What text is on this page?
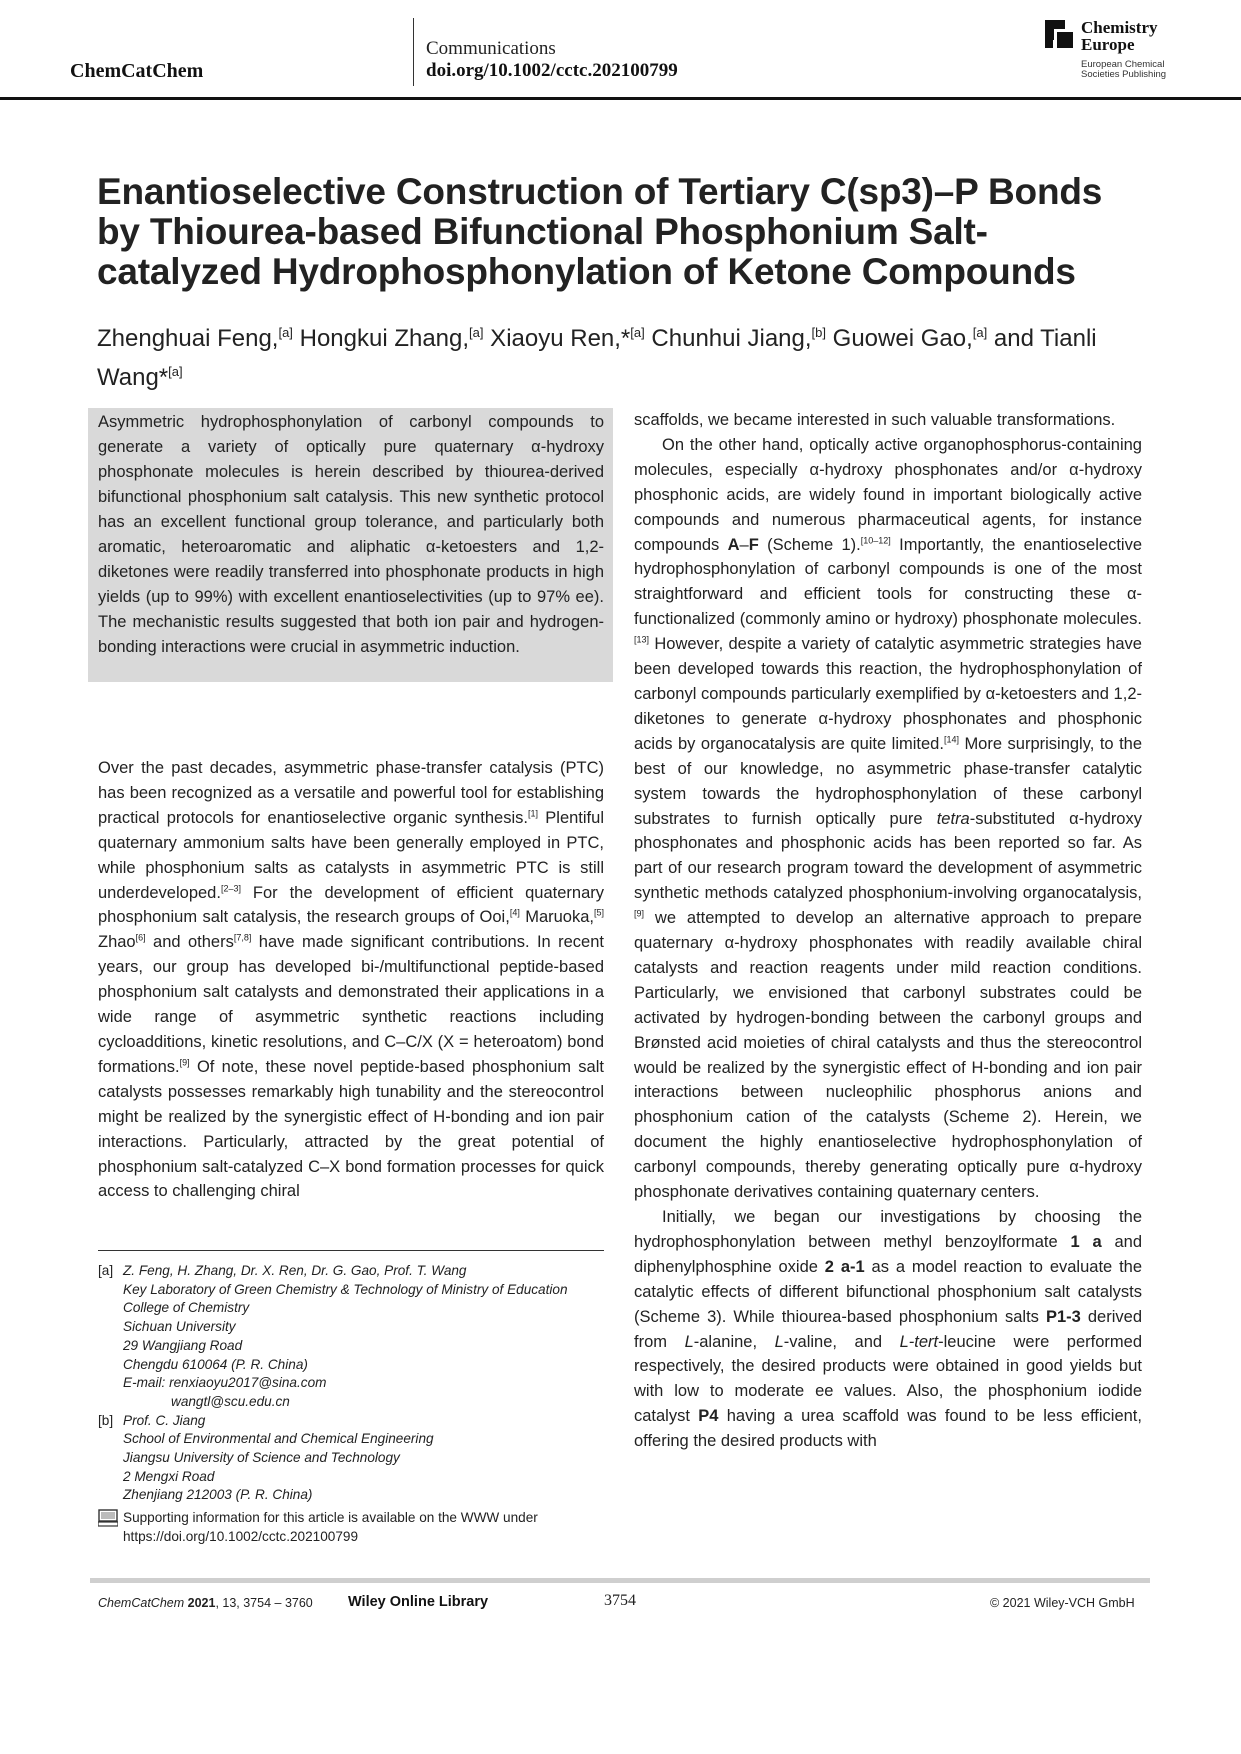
ChemCatChem
Communications
doi.org/10.1002/cctc.202100799
Chemistry
Europe
European Chemical
Societies Publishing
Enantioselective Construction of Tertiary C(sp3)–P Bonds
by Thiourea-based Bifunctional Phosphonium Salt-
catalyzed Hydrophosphonylation of Ketone Compounds
Zhenghuai Feng,[a] Hongkui Zhang,[a] Xiaoyu Ren,*[a] Chunhui Jiang,[b] Guowei Gao,[a] and Tianli Wang*[a]
Asymmetric hydrophosphonylation of carbonyl compounds to generate a variety of optically pure quaternary α-hydroxy phosphonate molecules is herein described by thiourea-derived bifunctional phosphonium salt catalysis. This new synthetic protocol has an excellent functional group tolerance, and particularly both aromatic, heteroaromatic and aliphatic α-ketoesters and 1,2-diketones were readily transferred into phosphonate products in high yields (up to 99%) with excellent enantioselectivities (up to 97% ee). The mechanistic results suggested that both ion pair and hydrogen-bonding interactions were crucial in asymmetric induction.

Over the past decades, asymmetric phase-transfer catalysis (PTC) has been recognized as a versatile and powerful tool for establishing practical protocols for enantioselective organic synthesis.[1] Plentiful quaternary ammonium salts have been generally employed in PTC, while phosphonium salts as catalysts in asymmetric PTC is still underdeveloped.[2–3] For the development of efficient quaternary phosphonium salt catalysis, the research groups of Ooi,[4] Maruoka,[5] Zhao[6] and others[7,8] have made significant contributions. In recent years, our group has developed bi-/multifunctional peptide-based phosphonium salt catalysts and demonstrated their applications in a wide range of asymmetric synthetic reactions including cycloadditions, kinetic resolutions, and C–C/X (X = heteroatom) bond formations.[9] Of note, these novel peptide-based phosphonium salt catalysts possesses remarkably high tunability and the stereocontrol might be realized by the synergistic effect of H-bonding and ion pair interactions. Particularly, attracted by the great potential of phosphonium salt-catalyzed C–X bond formation processes for quick access to challenging chiral

scaffolds, we became interested in such valuable transformations.

On the other hand, optically active organophosphorus-containing molecules, especially α-hydroxy phosphonates and/or α-hydroxy phosphonic acids, are widely found in important biologically active compounds and numerous pharmaceutical agents, for instance compounds A–F (Scheme 1).[10–12] Importantly, the enantioselective hydrophosphonylation of carbonyl compounds is one of the most straightforward and efficient tools for constructing these α-functionalized (commonly amino or hydroxy) phosphonate molecules.[13] However, despite a variety of catalytic asymmetric strategies have been developed towards this reaction, the hydrophosphonylation of carbonyl compounds particularly exemplified by α-ketoesters and 1,2-diketones to generate α-hydroxy phosphonates and phosphonic acids by organocatalysis are quite limited.[14] More surprisingly, to the best of our knowledge, no asymmetric phase-transfer catalytic system towards the hydrophosphonylation of these carbonyl substrates to furnish optically pure tetra-substituted α-hydroxy phosphonates and phosphonic acids has been reported so far. As part of our research program toward the development of asymmetric synthetic methods catalyzed phosphonium-involving organocatalysis,[9] we attempted to develop an alternative approach to prepare quaternary α-hydroxy phosphonates with readily available chiral catalysts and reaction reagents under mild reaction conditions. Particularly, we envisioned that carbonyl substrates could be activated by hydrogen-bonding between the carbonyl groups and Brønsted acid moieties of chiral catalysts and thus the stereocontrol would be realized by the synergistic effect of H-bonding and ion pair interactions between nucleophilic phosphorus anions and phosphonium cation of the catalysts (Scheme 2). Herein, we document the highly enantioselective hydrophosphonylation of carbonyl compounds, thereby generating optically pure α-hydroxy phosphonate derivatives containing quaternary centers.

Initially, we began our investigations by choosing the hydrophosphonylation between methyl benzoylformate 1 a and diphenylphosphine oxide 2 a-1 as a model reaction to evaluate the catalytic effects of different bifunctional phosphonium salt catalysts (Scheme 3). While thiourea-based phosphonium salts P1-3 derived from L-alanine, L-valine, and L-tert-leucine were performed respectively, the desired products were obtained in good yields but with low to moderate ee values. Also, the phosphonium iodide catalyst P4 having a urea scaffold was found to be less efficient, offering the desired products with

[a] Z. Feng, H. Zhang, Dr. X. Ren, Dr. G. Gao, Prof. T. Wang
Key Laboratory of Green Chemistry & Technology of Ministry of Education
College of Chemistry
Sichuan University
29 Wangjiang Road
Chengdu 610064 (P. R. China)
E-mail: renxiaoyu2017@sina.com
wangtl@scu.edu.cn
[b] Prof. C. Jiang
School of Environmental and Chemical Engineering
Jiangsu University of Science and Technology
2 Mengxi Road
Zhenjiang 212003 (P. R. China)
Supporting information for this article is available on the WWW under https://doi.org/10.1002/cctc.202100799
ChemCatChem 2021, 13, 3754 – 3760 Wiley Online Library	3754	© 2021 Wiley-VCH GmbH
